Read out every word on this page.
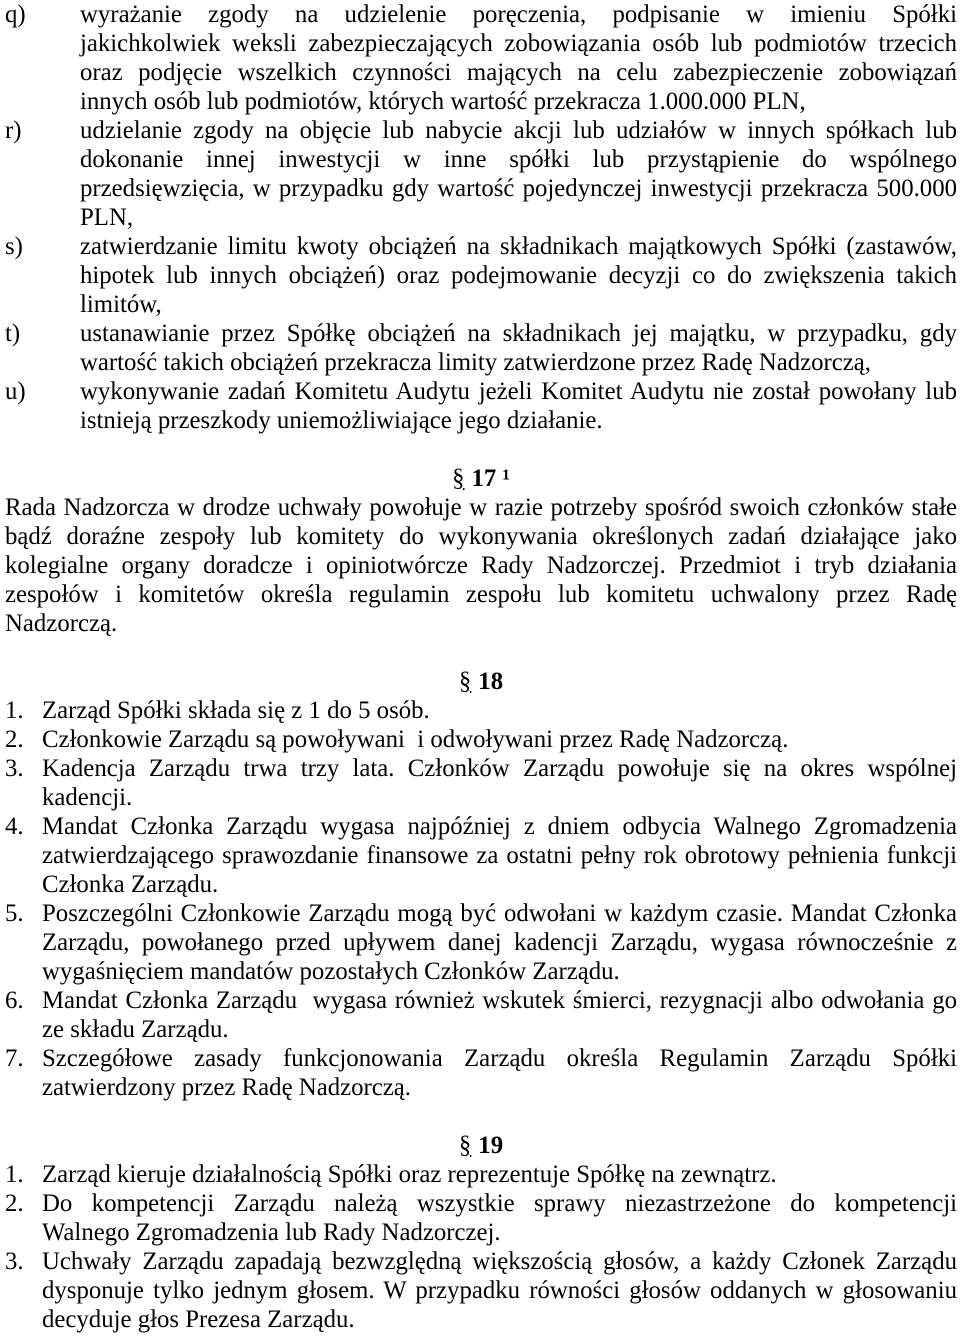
q)	wyrażanie zgody na udzielenie poręczenia, podpisanie w imieniu Spółki
jakichkolwiek weksli zabezpieczających zobowiązania osób lub podmiotów trzecich
oraz podjęcie wszelkich czynności mających na celu zabezpieczenie zobowiązań
innych osób lub podmiotów, których wartość przekracza 1.000.000 PLN,
r)	udzielanie zgody na objęcie lub nabycie akcji lub udziałów w innych spółkach lub
dokonanie innej inwestycji w inne spółki lub przystąpienie do wspólnego
przedsięwzięcia, w przypadku gdy wartość pojedynczej inwestycji przekracza 500.000
PLN,
s)	zatwierdzanie limitu kwoty obciążeń na składnikach majątkowych Spółki (zastawów,
hipotek lub innych obciążeń) oraz podejmowanie decyzji co do zwiększenia takich
limitów,
t)	ustanawianie przez Spółkę obciążeń na składnikach jej majątku, w przypadku, gdy
wartość takich obciążeń przekracza limity zatwierdzone przez Radę Nadzorczą,
u)	wykonywanie zadań Komitetu Audytu jeżeli Komitet Audytu nie został powołany lub
istnieją przeszkody uniemożliwiające jego działanie.
§ 17 ¹
Rada Nadzorcza w drodze uchwały powołuje w razie potrzeby spośród swoich członków stałe
bądź doraźne zespoły lub komitety do wykonywania określonych zadań działające jako
kolegialne organy doradcze i opiniotwórcze Rady Nadzorczej. Przedmiot i tryb działania
zespołów i komitetów określa regulamin zespołu lub komitetu uchwalony przez Radę
Nadzorczą.
§ 18
1. Zarząd Spółki składa się z 1 do 5 osób.
2. Członkowie Zarządu są powoływani  i odwoływani przez Radę Nadzorczą.
3. Kadencja Zarządu trwa trzy lata. Członków Zarządu powołuje się na okres wspólnej
kadencji.
4. Mandat Członka Zarządu wygasa najpóźniej z dniem odbycia Walnego Zgromadzenia
zatwierdzającego sprawozdanie finansowe za ostatni pełny rok obrotowy pełnienia funkcji
Członka Zarządu.
5. Poszczególni Członkowie Zarządu mogą być odwołani w każdym czasie. Mandat Członka
Zarządu, powołanego przed upływem danej kadencji Zarządu, wygasa równocześnie z
wygaśnięciem mandatów pozostałych Członków Zarządu.
6. Mandat Członka Zarządu  wygasa również wskutek śmierci, rezygnacji albo odwołania go
ze składu Zarządu.
7. Szczegółowe zasady funkcjonowania Zarządu określa Regulamin Zarządu Spółki
zatwierdzony przez Radę Nadzorczą.
§ 19
1. Zarząd kieruje działalnością Spółki oraz reprezentuje Spółkę na zewnątrz.
2. Do kompetencji Zarządu należą wszystkie sprawy niezastrzeżone do kompetencji
Walnego Zgromadzenia lub Rady Nadzorczej.
3. Uchwały Zarządu zapadają bezwzględną większością głosów, a każdy Członek Zarządu
dysponuje tylko jednym głosem. W przypadku równości głosów oddanych w głosowaniu
decyduje głos Prezesa Zarządu.
